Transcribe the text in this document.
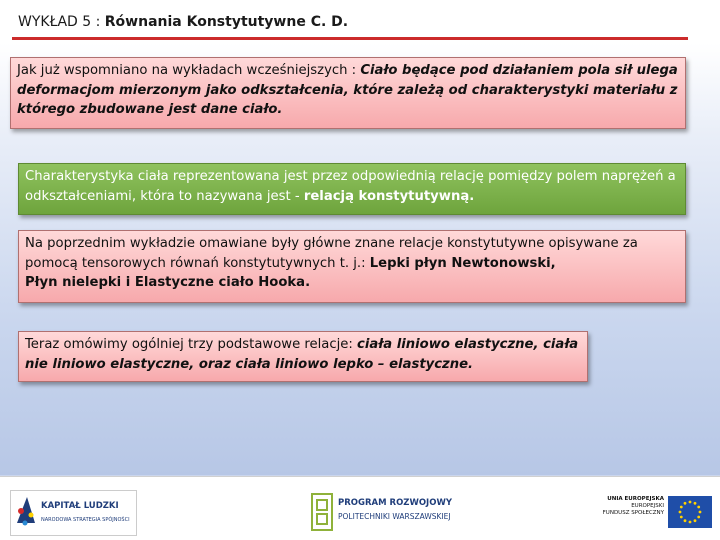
WYKŁAD 5 : Równania Konstytutywne C. D.
Jak już wspomniano na wykładach wcześniejszych : Ciało będące pod działaniem pola sił ulega deformacjom mierzonym jako odkształcenia, które zależą od charakterystyki materiału z którego zbudowane jest dane ciało.
Charakterystyka ciała reprezentowana jest przez odpowiednią relację pomiędzy polem naprężeń a odkształceniami, która to nazywana jest - relacją konstytutywną.
Na poprzednim wykładzie omawiane były główne znane relacje konstytutywne opisywane za pomocą tensorowych równań konstytutywnych t. j.: Lepki płyn Newtonowski,
Płyn nielepki i Elastyczne ciało Hooka.
Teraz omówimy ogólniej trzy podstawowe relacje: ciała liniowo elastyczne, ciała nie liniowo elastyczne, oraz ciała liniowo lepko – elastyczne.
KAPITAŁ LUDZKI
NARODOWA STRATEGIA SPÓJNOŚCI
PROGRAM ROZWOJOWY
POLITECHNIKI WARSZAWSKIEJ
UNIA EUROPEJSKA
EUROPEJSKI
FUNDUSZ SPOŁECZNY
